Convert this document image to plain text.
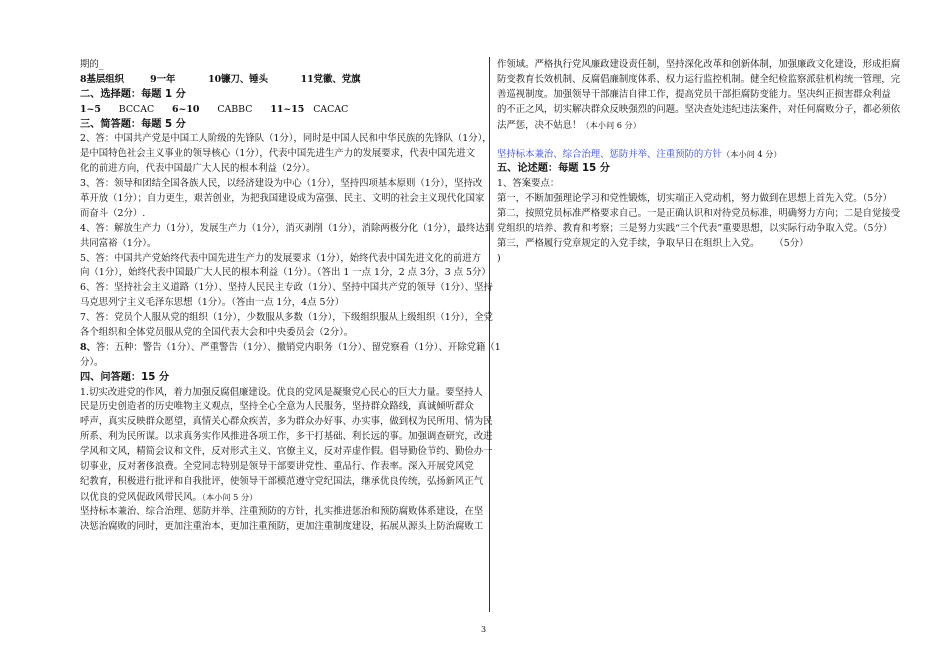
期的_
8基层组织	9一年	10镰刀、锤头	11党徽、党旗
二、选择题：每题 1 分
1~5      BCCAC      6~10      CABBC      11~15   CACAC
三、简答题：每题 5 分
2、答：中国共产党是中国工人阶级的先锋队（1分），同时是中国人民和中华民族的先锋队（1分），
是中国特色社会主义事业的领导核心（1分），代表中国先进生产力的发展要求，代表中国先进文
化的前进方向，代表中国最广大人民的根本利益（2分）。
3、答：领导和团结全国各族人民，以经济建设为中心（1分），坚持四项基本原则（1分），坚持改
革开放（1分）；自力更生，艰苦创业，为把我国建设成为富强、民主、文明的社会主义现代化国家
而奋斗（2分）.
4、答：解放生产力（1分），发展生产力（1分），消灭剥削（1分），消除两极分化（1分），最终达到
共同富裕（1分）。
5、答：中国共产党始终代表中国先进生产力的发展要求（1分），始终代表中国先进文化的前进方
向（1分），始终代表中国最广大人民的根本利益（1分）。（答出 1 一点 1分，2 点 3分，3 点 5分）
6、答：坚持社会主义道路（1分）、坚持人民民主专政（1分）、坚持中国共产党的领导（1分）、坚持
马克思列宁主义毛泽东思想（1分）。（答由一点 1分，4点 5分）
7、答：党员个人服从党的组织（1分），少数服从多数（1分），下级组织服从上级组织（1分），全党
各个组织和全体党员服从党的全国代表大会和中央委员会（2分）。
8、答：五种：警告（1分）、严重警告（1分）、撤销党内职务（1分）、留党察看（1分）、开除党籍（1
分）。
四、问答题：15 分
1.切实改进党的作风，着力加强反腐倡廉建设。优良的党风是凝聚党心民心的巨大力量。要坚持人
民是历史创造者的历史唯物主义观点，坚持全心全意为人民服务，坚持群众路线，真诚倾听群众
呼声，真实反映群众愿望，真情关心群众疾苦，多为群众办好事、办实事，做到权为民所用、情为民
所系、利为民所谋。以求真务实作风推进各项工作，多干打基础、利长远的事。加强调查研究，改进
学风和文风，精简会议和文件，反对形式主义、官僚主义，反对弄虚作假。倡导勤俭节约、勤俭办一
切事业，反对奢侈浪费。全党同志特别是领导干部要讲党性、重品行、作表率。深入开展党风党
纪教育，积极进行批评和自我批评，使领导干部模范遵守党纪国法，继承优良传统，弘扬新风正气
以优良的党风促政风带民风。（本小问 5 分）
坚持标本兼治、综合治理、惩防并举、注重预防的方针，扎实推进惩治和预防腐败体系建设，在坚
决惩治腐败的同时，更加注重治本，更加注重预防，更加注重制度建设，拓展从源头上防治腐败工
作领域。严格执行党风廉政建设责任制，坚持深化改革和创新体制，加强廉政文化建设，形成拒腐
防变教育长效机制、反腐倡廉制度体系、权力运行监控机制。健全纪检监察派驻机构统一管理，完
善巡视制度。加强领导干部廉洁自律工作，提高党员干部拒腐防变能力。坚决纠正损害群众利益
的不正之风，切实解决群众反映强烈的问题。坚决查处违纪违法案件，对任何腐败分子，都必须依
法严惩，决不姑息！（本小问 6 分）
坚持标本兼治、综合治理、惩防并举、注重预防的方针（本小问 4 分）
五、论述题：每题 15 分
1、答案要点：
第一，不断加强理论学习和党性锻炼，切实端正入党动机，努力做到在思想上首先入党。（5分）
第二，按照党员标准严格要求自己。一是正确认识和对待党员标准，明确努力方向；二是自觉接受
党组织的培养、教育和考察；三是努力实践“三个代表”重要思想，以实际行动争取入党。（5分）
第三，严格履行党章规定的入党手续，争取早日在组织上入党。     （5分）
)
3
